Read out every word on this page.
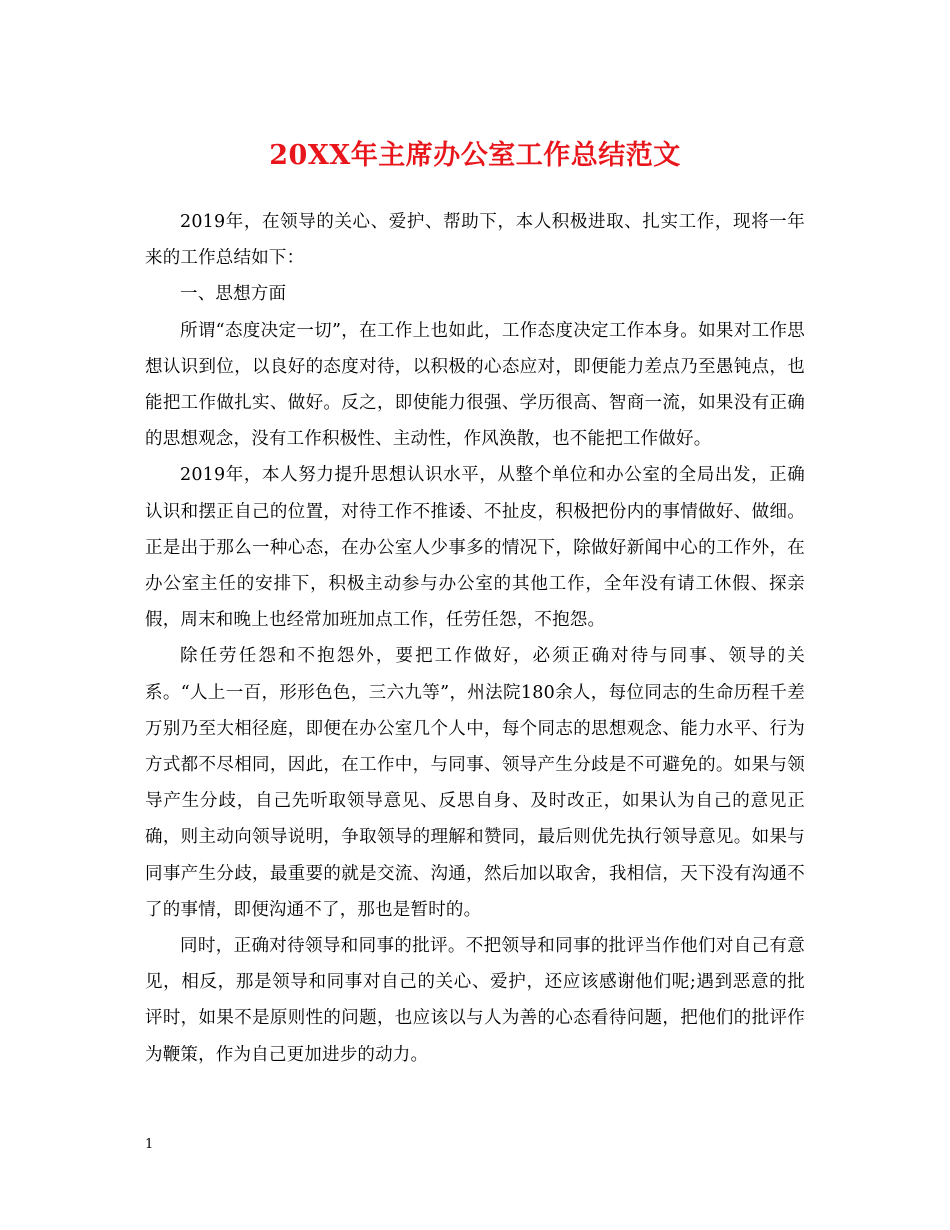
20XX年主席办公室工作总结范文

2019年，在领导的关心、爱护、帮助下，本人积极进取、扎实工作，现将一年来的工作总结如下：

一、思想方面

所谓“态度决定一切”，在工作上也如此，工作态度决定工作本身。如果对工作思想认识到位，以良好的态度对待，以积极的心态应对，即便能力差点乃至愚钝点，也能把工作做扎实、做好。反之，即使能力很强、学历很高、智商一流，如果没有正确的思想观念，没有工作积极性、主动性，作风涣散，也不能把工作做好。

2019年，本人努力提升思想认识水平，从整个单位和办公室的全局出发，正确认识和摆正自己的位置，对待工作不推诿、不扯皮，积极把份内的事情做好、做细。正是出于那么一种心态，在办公室人少事多的情况下，除做好新闻中心的工作外，在办公室主任的安排下，积极主动参与办公室的其他工作，全年没有请工休假、探亲假，周末和晚上也经常加班加点工作，任劳任怨，不抱怨。

除任劳任怨和不抱怨外，要把工作做好，必须正确对待与同事、领导的关系。“人上一百，形形色色，三六九等”，州法院180余人，每位同志的生命历程千差万别乃至大相径庭，即便在办公室几个人中，每个同志的思想观念、能力水平、行为方式都不尽相同，因此，在工作中，与同事、领导产生分歧是不可避免的。如果与领导产生分歧，自己先听取领导意见、反思自身、及时改正，如果认为自己的意见正确，则主动向领导说明，争取领导的理解和赞同，最后则优先执行领导意见。如果与同事产生分歧，最重要的就是交流、沟通，然后加以取舍，我相信，天下没有沟通不了的事情，即便沟通不了，那也是暂时的。

同时，正确对待领导和同事的批评。不把领导和同事的批评当作他们对自己有意见，相反，那是领导和同事对自己的关心、爱护，还应该感谢他们呢;遇到恶意的批评时，如果不是原则性的问题，也应该以与人为善的心态看待问题，把他们的批评作为鞭策，作为自己更加进步的动力。

1
